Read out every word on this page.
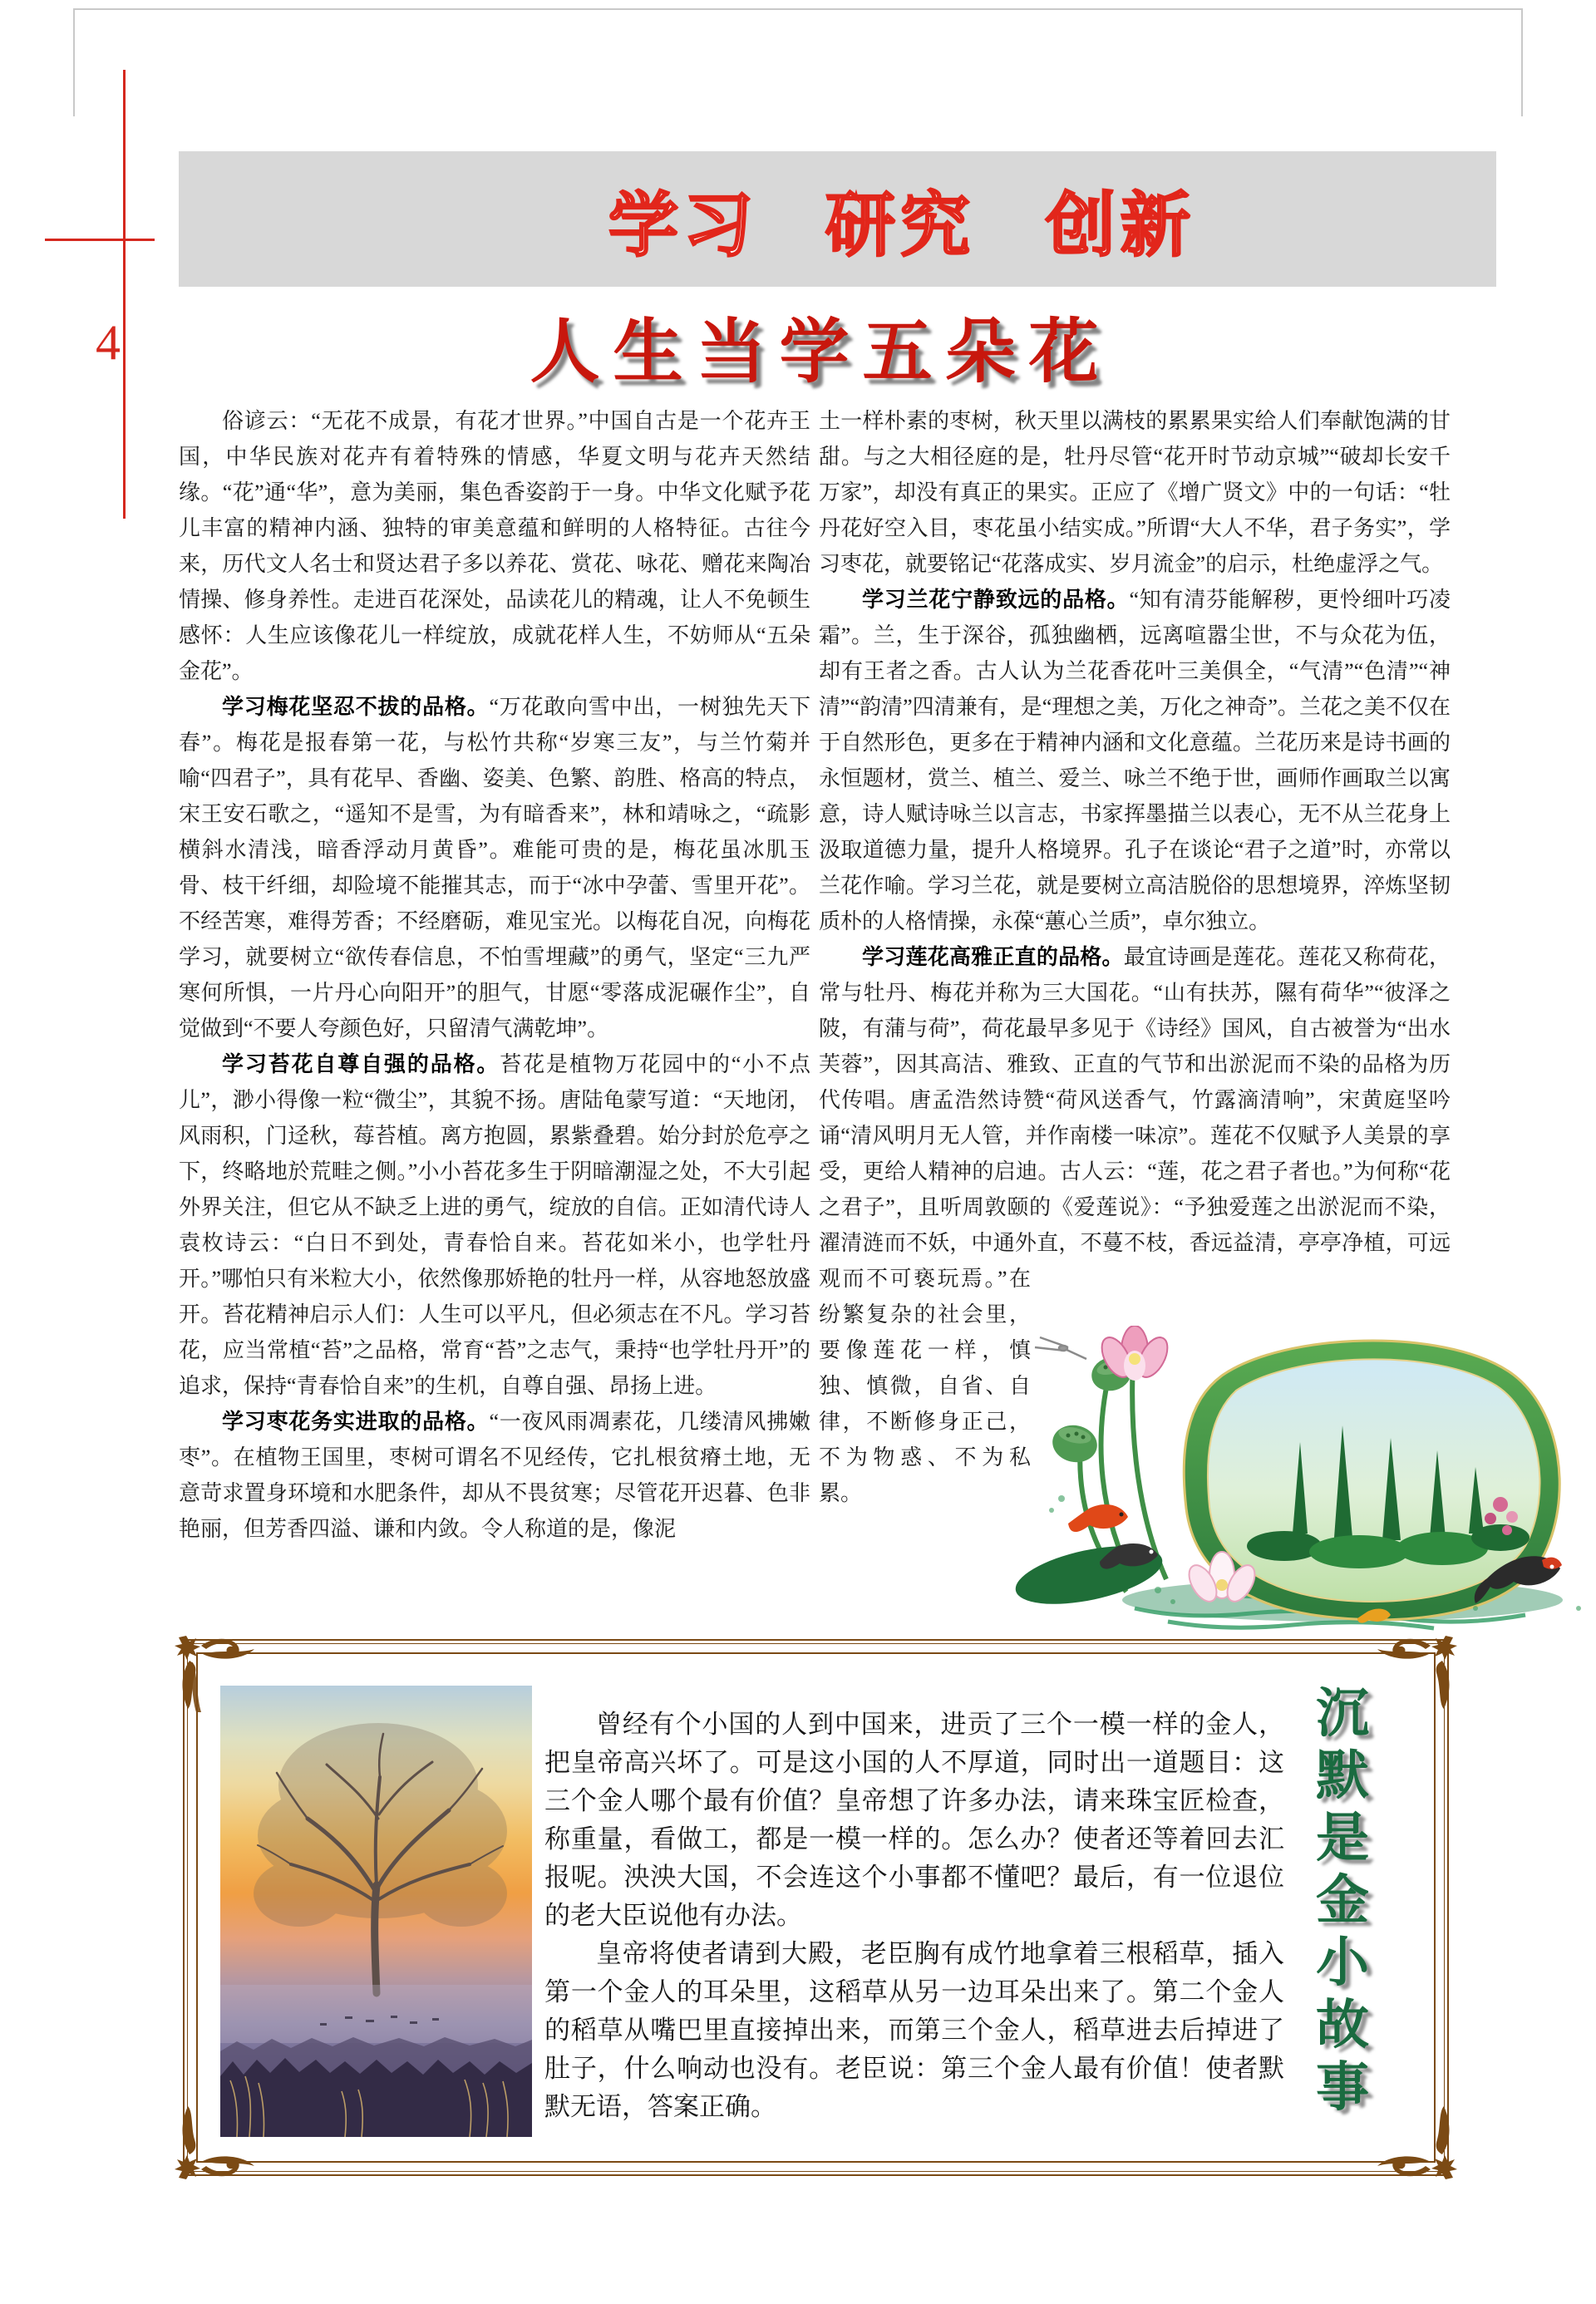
4
学习 研究 创新
人生当学五朵花

俗谚云：“无花不成景，有花才世界。”中国自古是一个花卉王国，中华民族对花卉有着特殊的情感，华夏文明与花卉天然结缘。“花”通“华”，意为美丽，集色香姿韵于一身。中华文化赋予花儿丰富的精神内涵、独特的审美意蕴和鲜明的人格特征。古往今来，历代文人名士和贤达君子多以养花、赏花、咏花、赠花来陶冶情操、修身养性。走进百花深处，品读花儿的精魂，让人不免顿生感怀：人生应该像花儿一样绽放，成就花样人生，不妨师从“五朵金花”。

学习梅花坚忍不拔的品格。“万花敢向雪中出，一树独先天下春”。梅花是报春第一花，与松竹共称“岁寒三友”，与兰竹菊并喻“四君子”，具有花早、香幽、姿美、色繁、韵胜、格高的特点，宋王安石歌之，“遥知不是雪，为有暗香来”，林和靖咏之，“疏影横斜水清浅，暗香浮动月黄昏”。难能可贵的是，梅花虽冰肌玉骨、枝干纤细，却险境不能摧其志，而于“冰中孕蕾、雪里开花”。不经苦寒，难得芳香；不经磨砺，难见宝光。以梅花自况，向梅花学习，就要树立“欲传春信息，不怕雪埋藏”的勇气，坚定“三九严寒何所惧，一片丹心向阳开”的胆气，甘愿“零落成泥碾作尘”，自觉做到“不要人夸颜色好，只留清气满乾坤”。

学习苔花自尊自强的品格。苔花是植物万花园中的“小不点儿”，渺小得像一粒“微尘”，其貌不扬。唐陆龟蒙写道：“天地闭，风雨积，门迳秋，莓苔植。离方抱圆，累紫叠碧。始分封於危亭之下，终略地於荒畦之侧。”小小苔花多生于阴暗潮湿之处，不大引起外界关注，但它从不缺乏上进的勇气，绽放的自信。正如清代诗人袁枚诗云：“白日不到处，青春恰自来。苔花如米小，也学牡丹开。”哪怕只有米粒大小，依然像那娇艳的牡丹一样，从容地怒放盛开。苔花精神启示人们：人生可以平凡，但必须志在不凡。学习苔花，应当常植“苔”之品格，常育“苔”之志气，秉持“也学牡丹开”的追求，保持“青春恰自来”的生机，自尊自强、昂扬上进。

学习枣花务实进取的品格。“一夜风雨凋素花，几缕清风拂嫩枣”。在植物王国里，枣树可谓名不见经传，它扎根贫瘠土地，无意苛求置身环境和水肥条件，却从不畏贫寒；尽管花开迟暮、色非艳丽，但芳香四溢、谦和内敛。令人称道的是，像泥

土一样朴素的枣树，秋天里以满枝的累累果实给人们奉献饱满的甘甜。与之大相径庭的是，牡丹尽管“花开时节动京城”“破却长安千万家”，却没有真正的果实。正应了《增广贤文》中的一句话：“牡丹花好空入目，枣花虽小结实成。”所谓“大人不华，君子务实”，学习枣花，就要铭记“花落成实、岁月流金”的启示，杜绝虚浮之气。

学习兰花宁静致远的品格。“知有清芬能解秽，更怜细叶巧凌霜”。兰，生于深谷，孤独幽栖，远离喧嚣尘世，不与众花为伍，却有王者之香。古人认为兰花香花叶三美俱全，“气清”“色清”“神清”“韵清”四清兼有，是“理想之美，万化之神奇”。兰花之美不仅在于自然形色，更多在于精神内涵和文化意蕴。兰花历来是诗书画的永恒题材，赏兰、植兰、爱兰、咏兰不绝于世，画师作画取兰以寓意，诗人赋诗咏兰以言志，书家挥墨描兰以表心，无不从兰花身上汲取道德力量，提升人格境界。孔子在谈论“君子之道”时，亦常以兰花作喻。学习兰花，就是要树立高洁脱俗的思想境界，淬炼坚韧质朴的人格情操，永葆“蕙心兰质”，卓尔独立。

学习莲花高雅正直的品格。最宜诗画是莲花。莲花又称荷花，常与牡丹、梅花并称为三大国花。“山有扶苏，隰有荷华”“彼泽之陂，有蒲与荷”，荷花最早多见于《诗经》国风，自古被誉为“出水芙蓉”，因其高洁、雅致、正直的气节和出淤泥而不染的品格为历代传唱。唐孟浩然诗赞“荷风送香气，竹露滴清响”，宋黄庭坚吟诵“清风明月无人管，并作南楼一味凉”。莲花不仅赋予人美景的享受，更给人精神的启迪。古人云：“莲，花之君子者也。”为何称“花之君子”，且听周敦颐的《爱莲说》：“予独爱莲之出淤泥而不染，濯清涟而不妖，中通外直，
不蔓不枝，香远益清，亭亭净植，可远观而不可亵玩焉。”在纷繁复杂的社会里，要像莲花一样，慎独、慎微，自省、自律，不断修身正己，不为物惑、不为私累。

曾经有个小国的人到中国来，进贡了三个一模一样的金人，把皇帝高兴坏了。可是这小国的人不厚道，同时出一道题目：这三个金人哪个最有价值？皇帝想了许多办法，请来珠宝匠检查，称重量，看做工，都是一模一样的。怎么办？使者还等着回去汇报呢。泱泱大国，不会连这个小事都不懂吧？最后，有一位退位的老大臣说他有办法。

皇帝将使者请到大殿，老臣胸有成竹地拿着三根稻草，插入第一个金人的耳朵里，这稻草从另一边耳朵出来了。第二个金人的稻草从嘴巴里直接掉出来，而第三个金人，稻草进去后掉进了肚子，什么响动也没有。老臣说：第三个金人最有价值！使者默默无语，答案正确。

沉
默
是
金
小
故
事
